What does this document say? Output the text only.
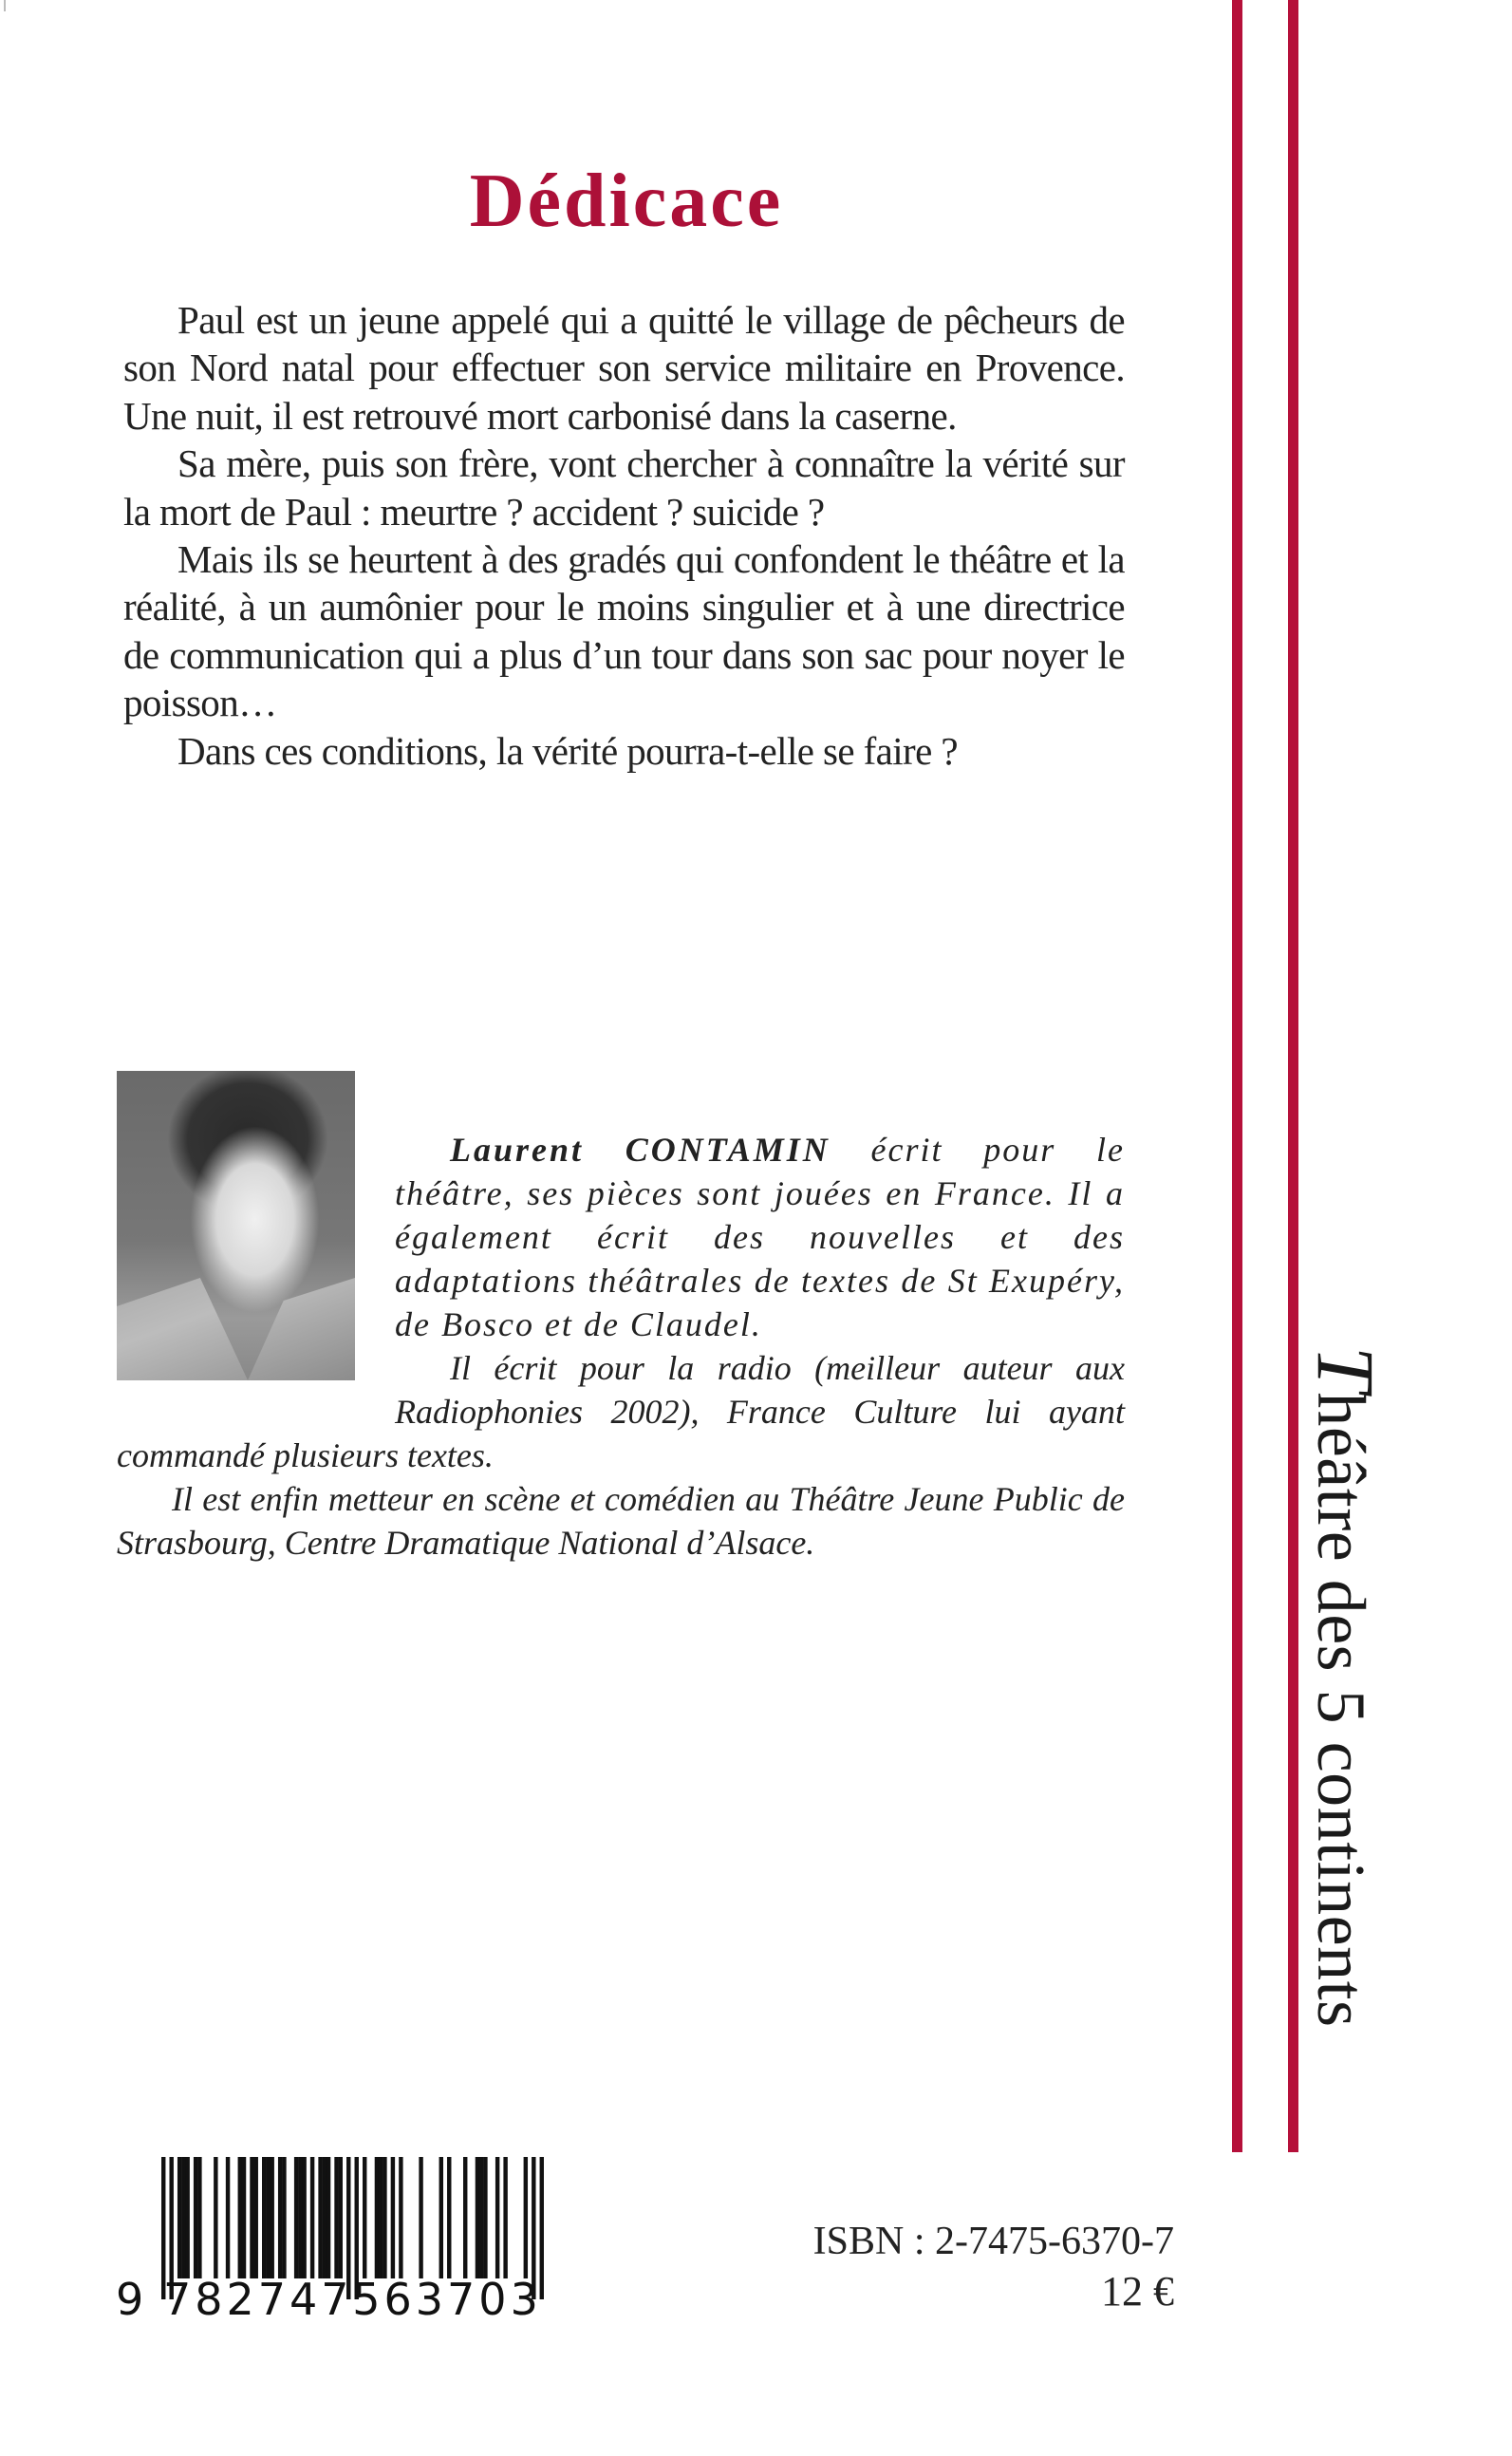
Dédicace

Paul est un jeune appelé qui a quitté le village de pêcheurs de son Nord natal pour effectuer son service militaire en Provence. Une nuit, il est retrouvé mort carbonisé dans la caserne.

Sa mère, puis son frère, vont chercher à connaître la vérité sur la mort de Paul : meurtre ? accident ? suicide ?

Mais ils se heurtent à des gradés qui confondent le théâtre et la réalité, à un aumônier pour le moins singulier et à une directrice de communication qui a plus d’un tour dans son sac pour noyer le poisson…

Dans ces conditions, la vérité pourra-t-elle se faire ?

Laurent CONTAMIN écrit pour le théâtre, ses pièces sont jouées en France. Il a également écrit des nouvelles et des adaptations théâtrales de textes de St Exupéry, de Bosco et de Claudel.

Il écrit pour la radio (meilleur auteur aux Radiophonies 2002), France Culture lui ayant commandé plusieurs textes.

Il est enfin metteur en scène et comédien au Théâtre Jeune Public de Strasbourg, Centre Dramatique National d’Alsace.

Théâtre des 5 continents
9 782747 563703
ISBN : 2-7475-6370-7
12 €
